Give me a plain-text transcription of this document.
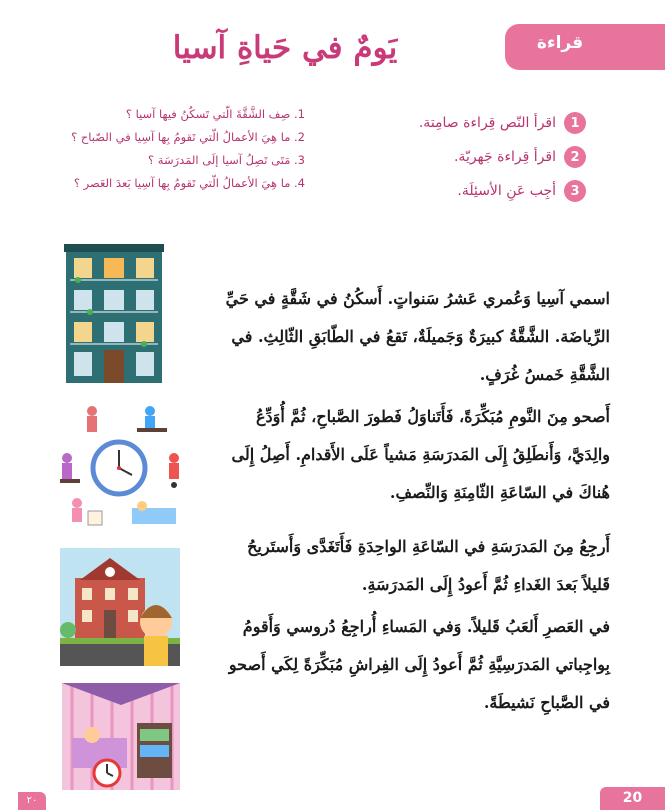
يَومٌ في حَياةِ آسيا	قراءة
1. صِف الشَّقَّةَ الّتي تَسكُنُ فيها آسيا ؟
2. ما هِيَ الأعمالُ الّتي تَقومُ بِها آسِيا في الصّباح ؟
3. مَتَى تَصِلُ آسيا إلَى المَدرَسَة ؟
4. ما هِيَ الأعمالُ الّتي تَقومُ بِها آسِيا بَعدَ العَصر ؟
1
اقرأ النّص قِراءة صامِتة.
2
اقرأ قِراءة جَهريّة.
3
أجِب عَنِ الأسئِلَة.

اسمي آسِيا وَعُمري عَشرُ سَنواتٍ. أَسكُنُ في شَقَّةٍ في حَيِّ الرِّياضَة. الشَّقَّةُ كبيرَةٌ وَجَميلَةٌ، تَقعُ في الطّابَقِ الثّالِثِ. في الشَّقَّةِ خَمسُ غُرَفٍ.

أَصحو مِنَ النَّومِ مُبَكِّرَةً، فَأَتَناوَلُ فَطورَ الصَّباحِ، ثُمَّ أُوَدِّعُ والِدَيَّ، وَأَنطَلِقُ إِلَى المَدرَسَةِ مَشياً عَلَى الأَقدامِ. أَصِلُ إِلَى هُناكَ في السّاعَةِ الثّامِنَةِ وَالنِّصفِ.

أَرجِعُ مِنَ المَدرَسَةِ في السّاعَةِ الواحِدَةِ فَأَتَغَدَّى وَأَستَريحُ قَليلاً بَعدَ الغَداءِ ثُمَّ أَعودُ إِلَى المَدرَسَةِ.

في العَصرِ أَلعَبُ قَليلاً. وَفي المَساءِ أُراجِعُ دُروسي وَأَقومُ بِواجِباتي المَدرَسِيَّةِ ثُمَّ أَعودُ إِلَى الفِراشِ مُبَكِّرَةً لِكَي أَصحو في الصَّباحِ نَشيطَةً.

٢٠	20
